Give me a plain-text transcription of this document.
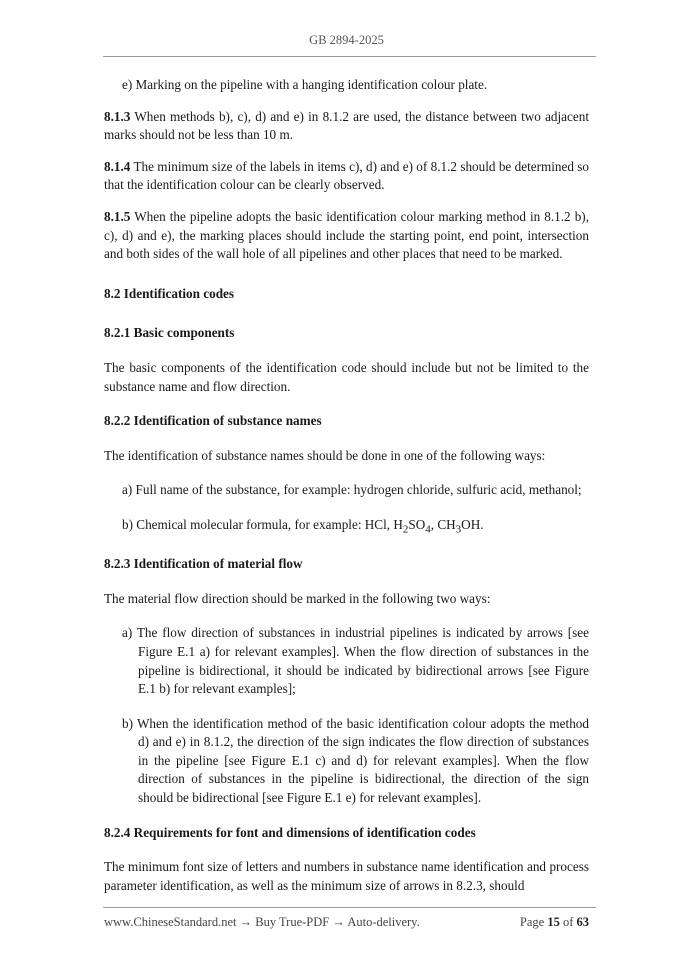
GB 2894-2025

e) Marking on the pipeline with a hanging identification colour plate.

8.1.3 When methods b), c), d) and e) in 8.1.2 are used, the distance between two adjacent marks should not be less than 10 m.

8.1.4 The minimum size of the labels in items c), d) and e) of 8.1.2 should be determined so that the identification colour can be clearly observed.

8.1.5 When the pipeline adopts the basic identification colour marking method in 8.1.2 b), c), d) and e), the marking places should include the starting point, end point, intersection and both sides of the wall hole of all pipelines and other places that need to be marked.

8.2 Identification codes

8.2.1 Basic components

The basic components of the identification code should include but not be limited to the substance name and flow direction.

8.2.2 Identification of substance names

The identification of substance names should be done in one of the following ways:

a) Full name of the substance, for example: hydrogen chloride, sulfuric acid, methanol;

b) Chemical molecular formula, for example: HCl, $H_2SO_4$, $CH_3OH$.

8.2.3 Identification of material flow

The material flow direction should be marked in the following two ways:

a) The flow direction of substances in industrial pipelines is indicated by arrows [see Figure E.1 a) for relevant examples]. When the flow direction of substances in the pipeline is bidirectional, it should be indicated by bidirectional arrows [see Figure E.1 b) for relevant examples];

b) When the identification method of the basic identification colour adopts the method d) and e) in 8.1.2, the direction of the sign indicates the flow direction of substances in the pipeline [see Figure E.1 c) and d) for relevant examples]. When the flow direction of substances in the pipeline is bidirectional, the direction of the sign should be bidirectional [see Figure E.1 e) for relevant examples].

8.2.4 Requirements for font and dimensions of identification codes

The minimum font size of letters and numbers in substance name identification and process parameter identification, as well as the minimum size of arrows in 8.2.3, should

www.ChineseStandard.net → Buy True-PDF → Auto-delivery.	Page 15 of 63
